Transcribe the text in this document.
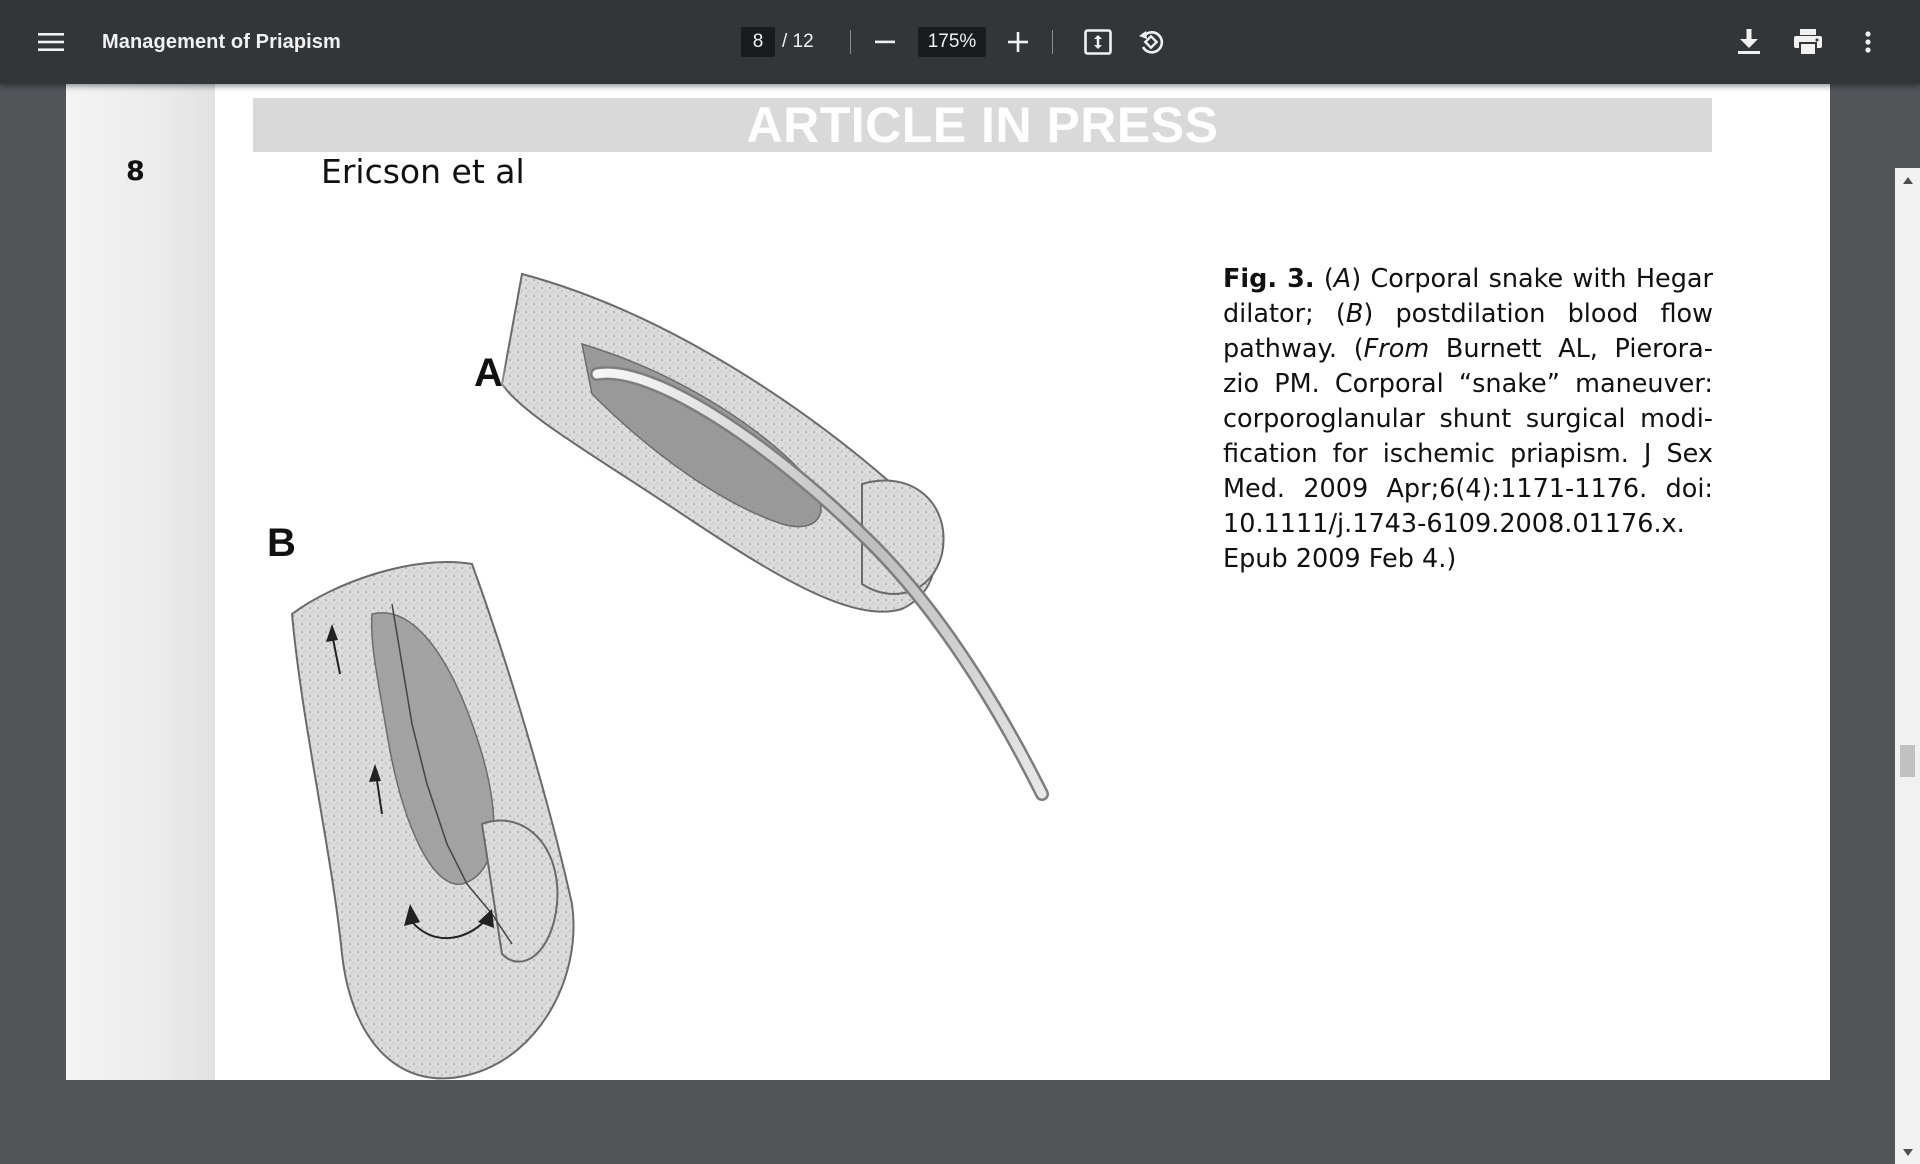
Management of Priapism
8	/ 12
175%
8
ARTICLE IN PRESS
Ericson et al
A
B

Fig. 3. (A) Corporal snake with Hegar dilator; (B) postdilation blood flow pathway. (From Burnett AL, Pierora-zio PM. Corporal “snake” maneuver: corporoglanular shunt surgical modi-fication for ischemic priapism. J Sex Med. 2009 Apr;6(4):1171-1176. doi: 10.1111/j.1743-6109.2008.01176.x. Epub 2009 Feb 4.)
